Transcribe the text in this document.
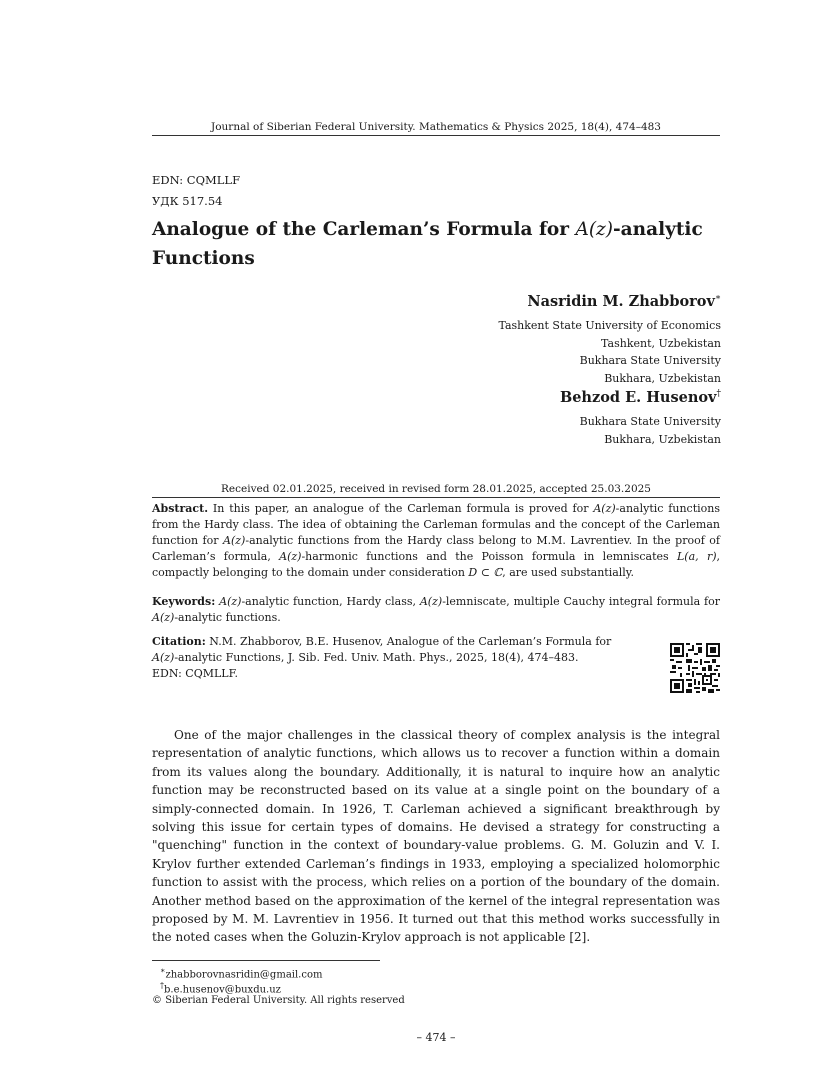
Journal of Siberian Federal University. Mathematics & Physics 2025, 18(4), 474–483
EDN: CQMLLF
УДК 517.54
Analogue of the Carleman’s Formula for A(z)-analytic
Functions
Nasridin M. Zhabborov∗
Tashkent State University of Economics
Tashkent, Uzbekistan
Bukhara State University
Bukhara, Uzbekistan
Behzod E. Husenov†
Bukhara State University
Bukhara, Uzbekistan
Received 02.01.2025, received in revised form 28.01.2025, accepted 25.03.2025
Abstract. In this paper, an analogue of the Carleman formula is proved for A(z)-analytic functions from the Hardy class. The idea of obtaining the Carleman formulas and the concept of the Carleman function for A(z)-analytic functions from the Hardy class belong to M.M. Lavrentiev. In the proof of Carleman’s formula, A(z)-harmonic functions and the Poisson formula in lemniscates L(a, r), compactly belonging to the domain under consideration D ⊂ ℂ, are used substantially.
Keywords: A(z)-analytic function, Hardy class, A(z)-lemniscate, multiple Cauchy integral formula for A(z)-analytic functions.
Citation: N.M. Zhabborov, B.E. Husenov, Analogue of the Carleman’s Formula for
A(z)-analytic Functions, J. Sib. Fed. Univ. Math. Phys., 2025, 18(4), 474–483.
EDN: CQMLLF.
One of the major challenges in the classical theory of complex analysis is the integral representation of analytic functions, which allows us to recover a function within a domain from its values along the boundary. Additionally, it is natural to inquire how an analytic function may be reconstructed based on its value at a single point on the boundary of a simply-connected domain. In 1926, T. Carleman achieved a significant breakthrough by solving this issue for certain types of domains. He devised a strategy for constructing a "quenching" function in the context of boundary-value problems. G. M. Goluzin and V. I. Krylov further extended Carleman’s findings in 1933, employing a specialized holomorphic function to assist with the process, which relies on a portion of the boundary of the domain. Another method based on the approximation of the kernel of the integral representation was proposed by M. M. Lavrentiev in 1956. It turned out that this method works successfully in the noted cases when the Goluzin-Krylov approach is not applicable [2].
∗zhabborovnasridin@gmail.com
†b.e.husenov@buxdu.uz
© Siberian Federal University. All rights reserved
– 474 –
